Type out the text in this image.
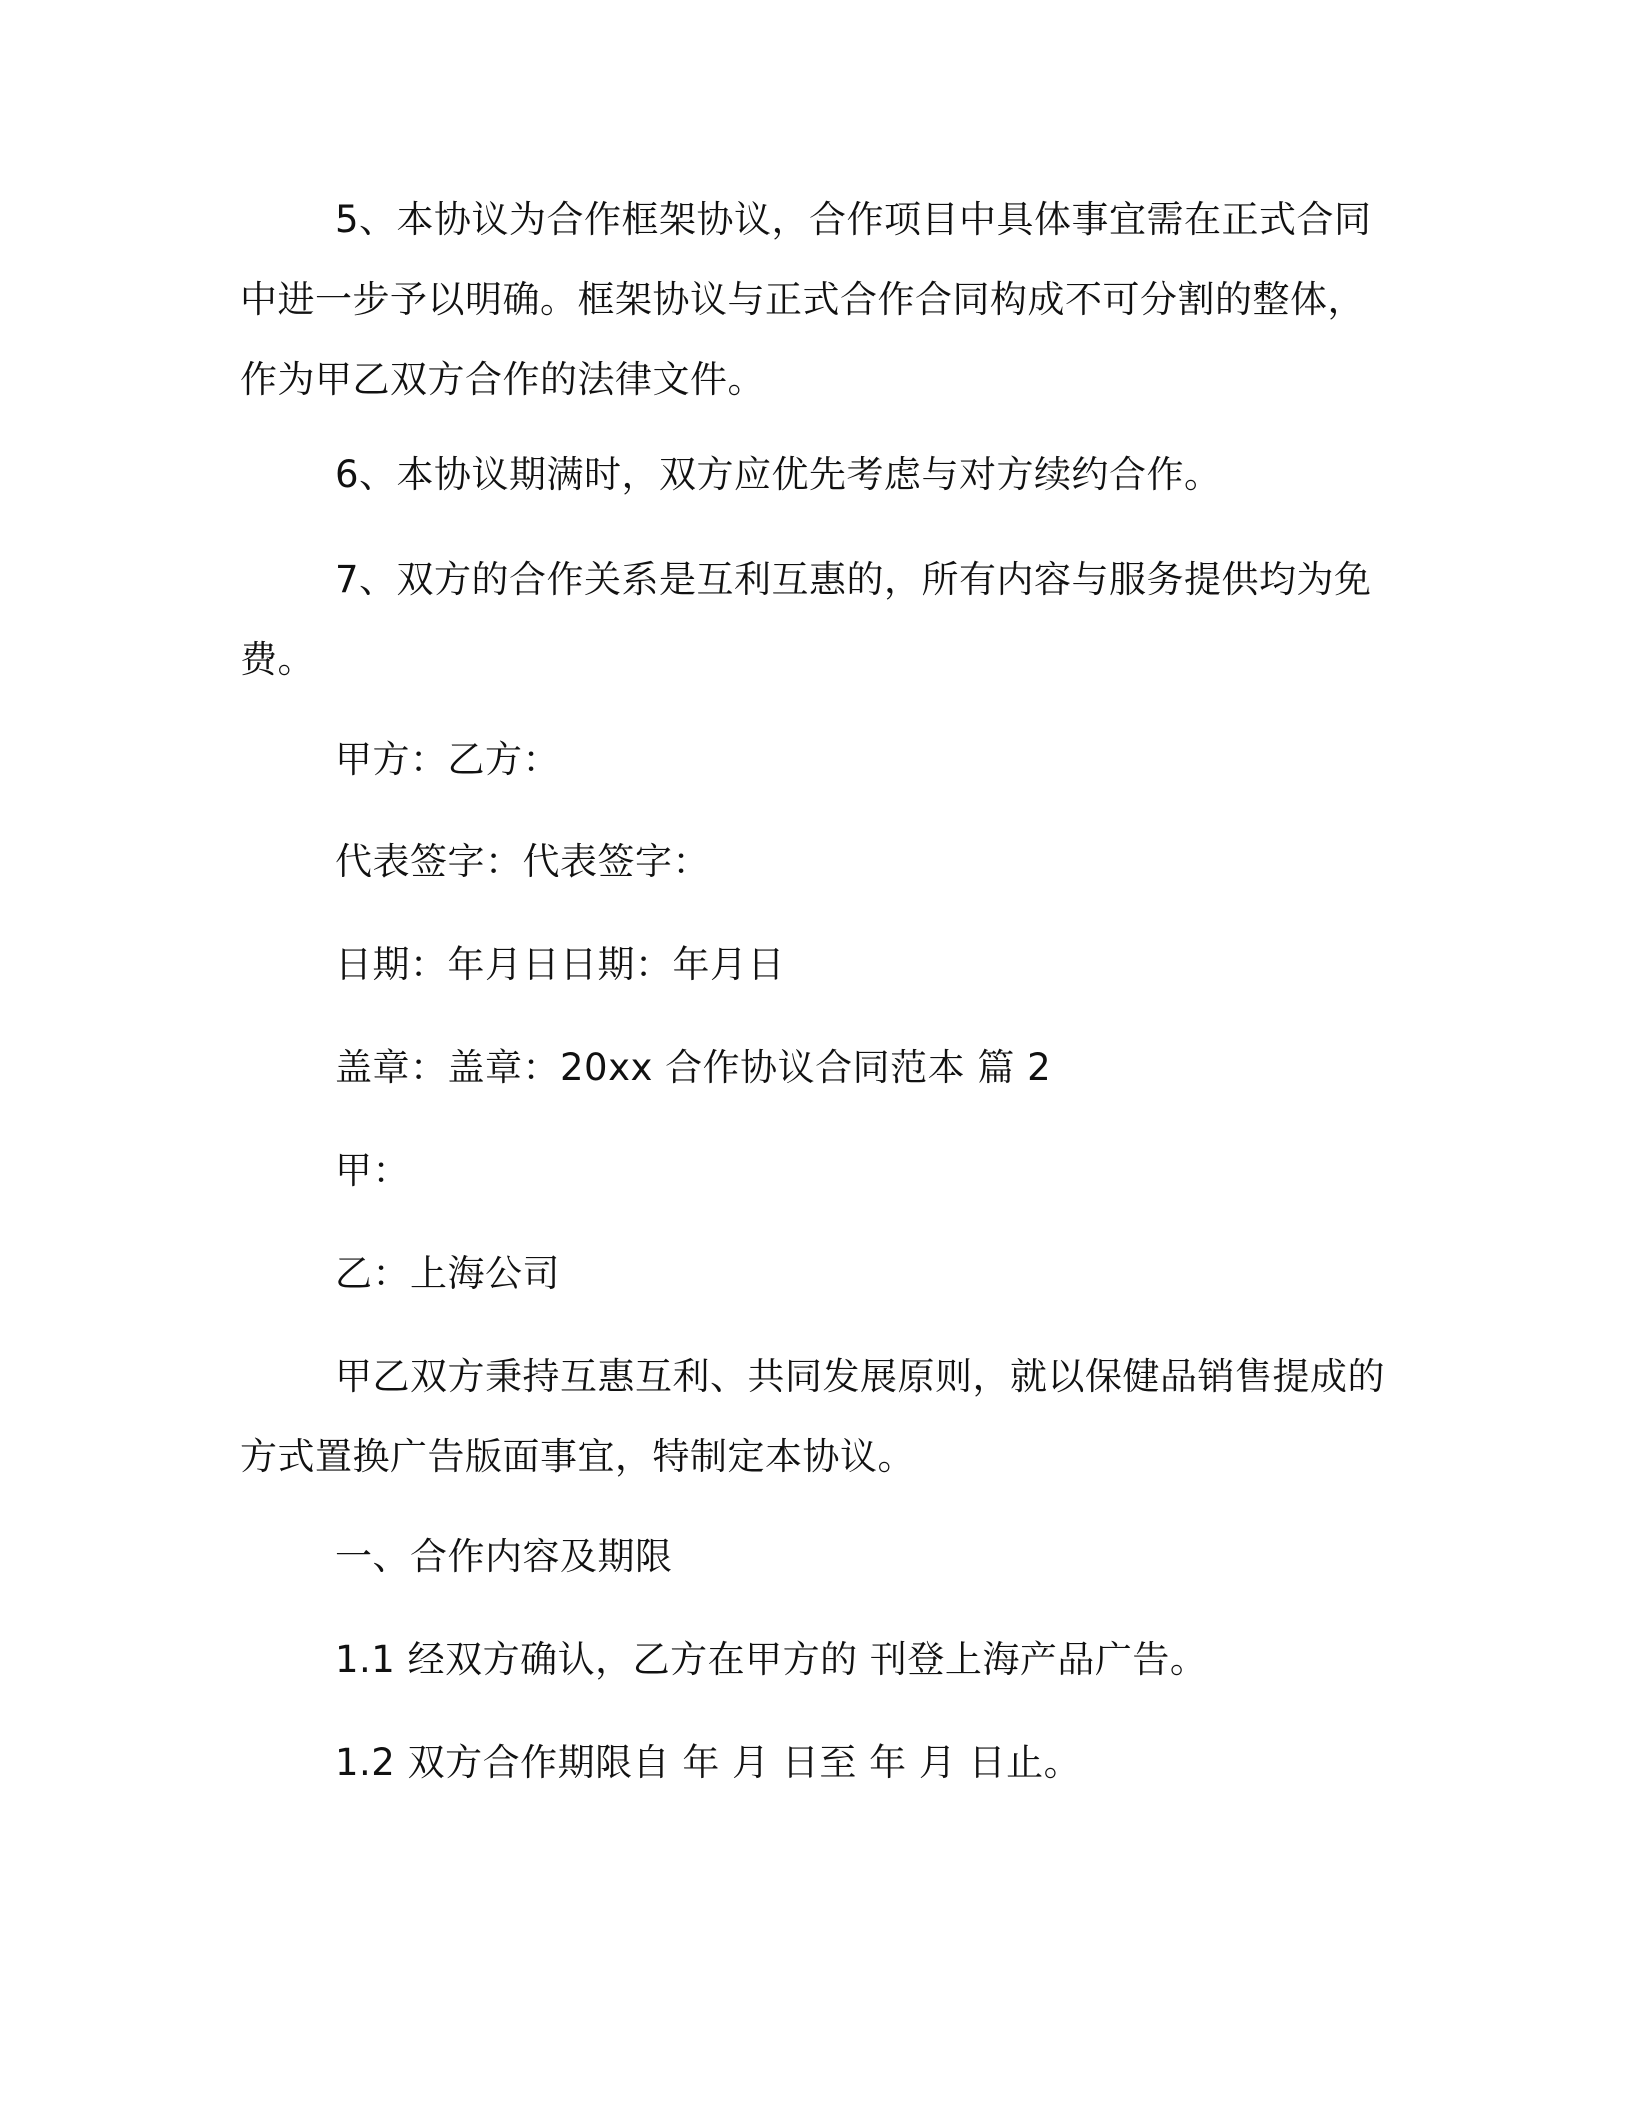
5、本协议为合作框架协议，合作项目中具体事宜需在正式合同
中进一步予以明确。框架协议与正式合作合同构成不可分割的整体，
作为甲乙双方合作的法律文件。
6、本协议期满时，双方应优先考虑与对方续约合作。
7、双方的合作关系是互利互惠的，所有内容与服务提供均为免
费。
甲方：乙方：
代表签字：代表签字：
日期：年月日日期：年月日
盖章：盖章：20xx 合作协议合同范本 篇 2
甲：
乙：上海公司
甲乙双方秉持互惠互利、共同发展原则，就以保健品销售提成的
方式置换广告版面事宜，特制定本协议。
一、合作内容及期限
1.1 经双方确认，乙方在甲方的 刊登上海产品广告。
1.2 双方合作期限自 年 月 日至 年 月 日止。
